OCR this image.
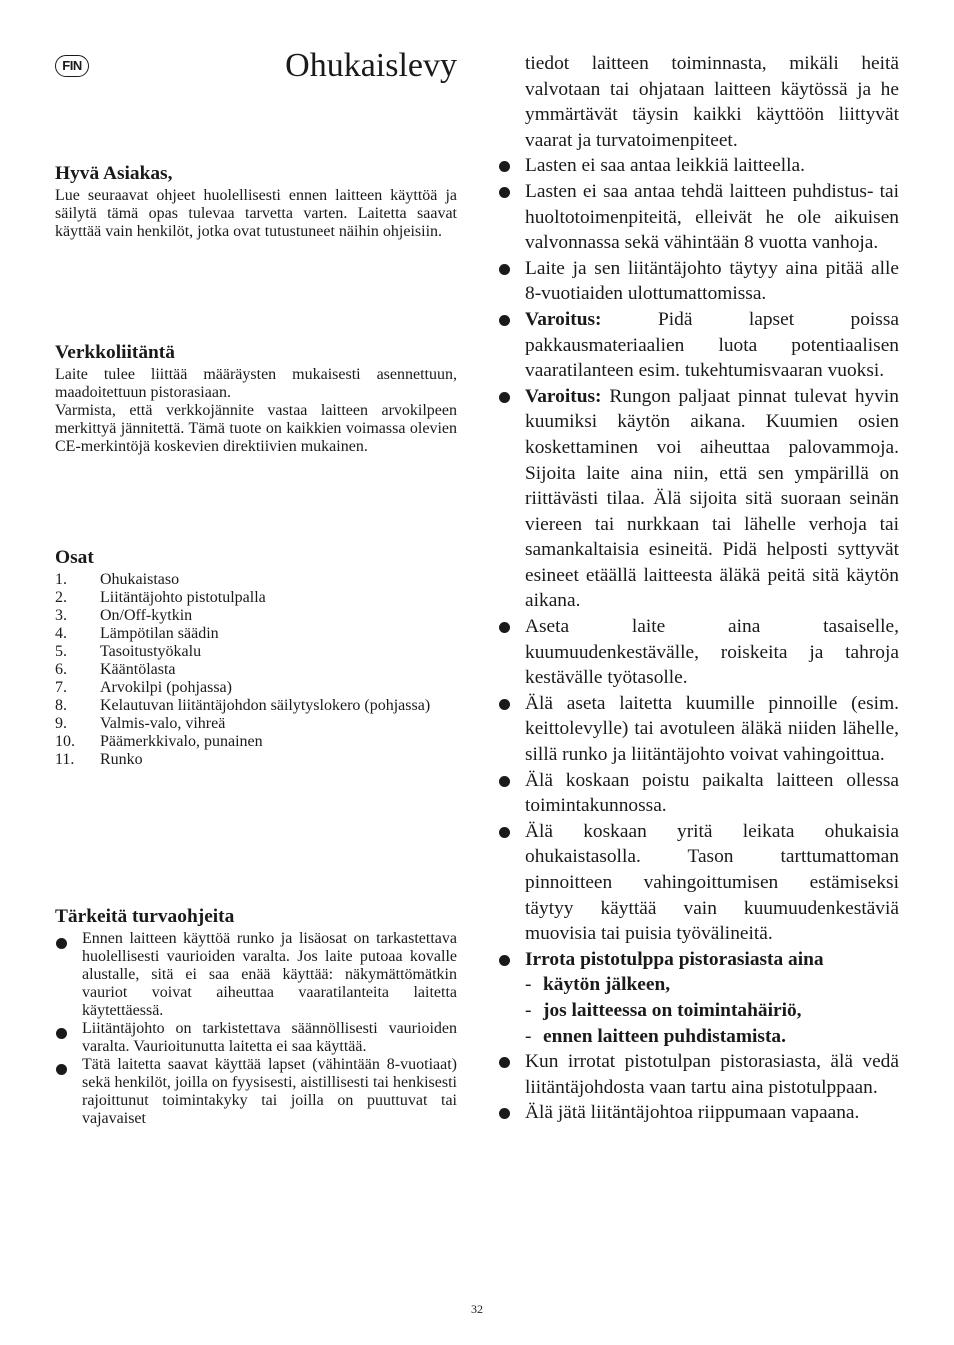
FIN	Ohukaislevy
Hyvä Asiakas,

Lue seuraavat ohjeet huolellisesti ennen laitteen käyttöä ja säilytä tämä opas tulevaa tarvetta varten. Laitetta saavat käyttää vain henkilöt, jotka ovat tutustuneet näihin ohjeisiin.

Verkkoliitäntä

Laite tulee liittää määräysten mukaisesti asennettuun, maadoitettuun pistorasiaan.

Varmista, että verkkojännite vastaa laitteen arvokilpeen merkittyä jännitettä. Tämä tuote on kaikkien voimassa olevien CE-merkintöjä koskevien direktiivien mukainen.

Osat
1. Ohukaistaso
2. Liitäntäjohto pistotulpalla
3. On/Off-kytkin
4. Lämpötilan säädin
5. Tasoitustyökalu
6. Kääntölasta
7. Arvokilpi (pohjassa)
8. Kelautuvan liitäntäjohdon säilytyslokero (pohjassa)
9. Valmis-valo, vihreä
10. Päämerkkivalo, punainen
11. Runko
Tärkeitä turvaohjeita
Ennen laitteen käyttöä runko ja lisäosat on tarkastettava huolellisesti vaurioiden varalta. Jos laite putoaa kovalle alustalle, sitä ei saa enää käyttää: näkymättömätkin vauriot voivat aiheuttaa vaaratilanteita laitetta käytettäessä.
Liitäntäjohto on tarkistettava säännöllisesti vaurioiden varalta. Vaurioitunutta laitetta ei saa käyttää.
Tätä laitetta saavat käyttää lapset (vähintään 8-vuotiaat) sekä henkilöt, joilla on fyysisesti, aistillisesti tai henkisesti rajoittunut toimintakyky tai joilla on puuttuvat tai vajavaiset
tiedot laitteen toiminnasta, mikäli heitä valvotaan tai ohjataan laitteen käytössä ja he ymmärtävät täysin kaikki käyttöön liittyvät vaarat ja turvatoimenpiteet.
Lasten ei saa antaa leikkiä laitteella.
Lasten ei saa antaa tehdä laitteen puhdistus- tai huoltotoimenpiteitä, elleivät he ole aikuisen valvonnassa sekä vähintään 8 vuotta vanhoja.
Laite ja sen liitäntäjohto täytyy aina pitää alle 8-vuotiaiden ulottumattomissa.
Varoitus: Pidä lapset poissa pakkausmateriaalien luota potentiaalisen vaaratilanteen esim. tukehtumisvaaran vuoksi.
Varoitus: Rungon paljaat pinnat tulevat hyvin kuumiksi käytön aikana. Kuumien osien koskettaminen voi aiheuttaa palovammoja. Sijoita laite aina niin, että sen ympärillä on riittävästi tilaa. Älä sijoita sitä suoraan seinän viereen tai nurkkaan tai lähelle verhoja tai samankaltaisia esineitä. Pidä helposti syttyvät esineet etäällä laitteesta äläkä peitä sitä käytön aikana.
Aseta laite aina tasaiselle, kuumuudenkestävälle, roiskeita ja tahroja kestävälle työtasolle.
Älä aseta laitetta kuumille pinnoille (esim. keittolevylle) tai avotuleen äläkä niiden lähelle, sillä runko ja liitäntäjohto voivat vahingoittua.
Älä koskaan poistu paikalta laitteen ollessa toimintakunnossa.
Älä koskaan yritä leikata ohukaisia ohukaistasolla. Tason tarttumattoman pinnoitteen vahingoittumisen estämiseksi täytyy käyttää vain kuumuudenkestäviä muovisia tai puisia työvälineitä.
Irrota pistotulppa pistorasiasta aina
- käytön jälkeen,
- jos laitteessa on toimintahäiriö,
- ennen laitteen puhdistamista.
Kun irrotat pistotulpan pistorasiasta, älä vedä liitäntäjohdosta vaan tartu aina pistotulppaan.
Älä jätä liitäntäjohtoa riippumaan vapaana.
32
